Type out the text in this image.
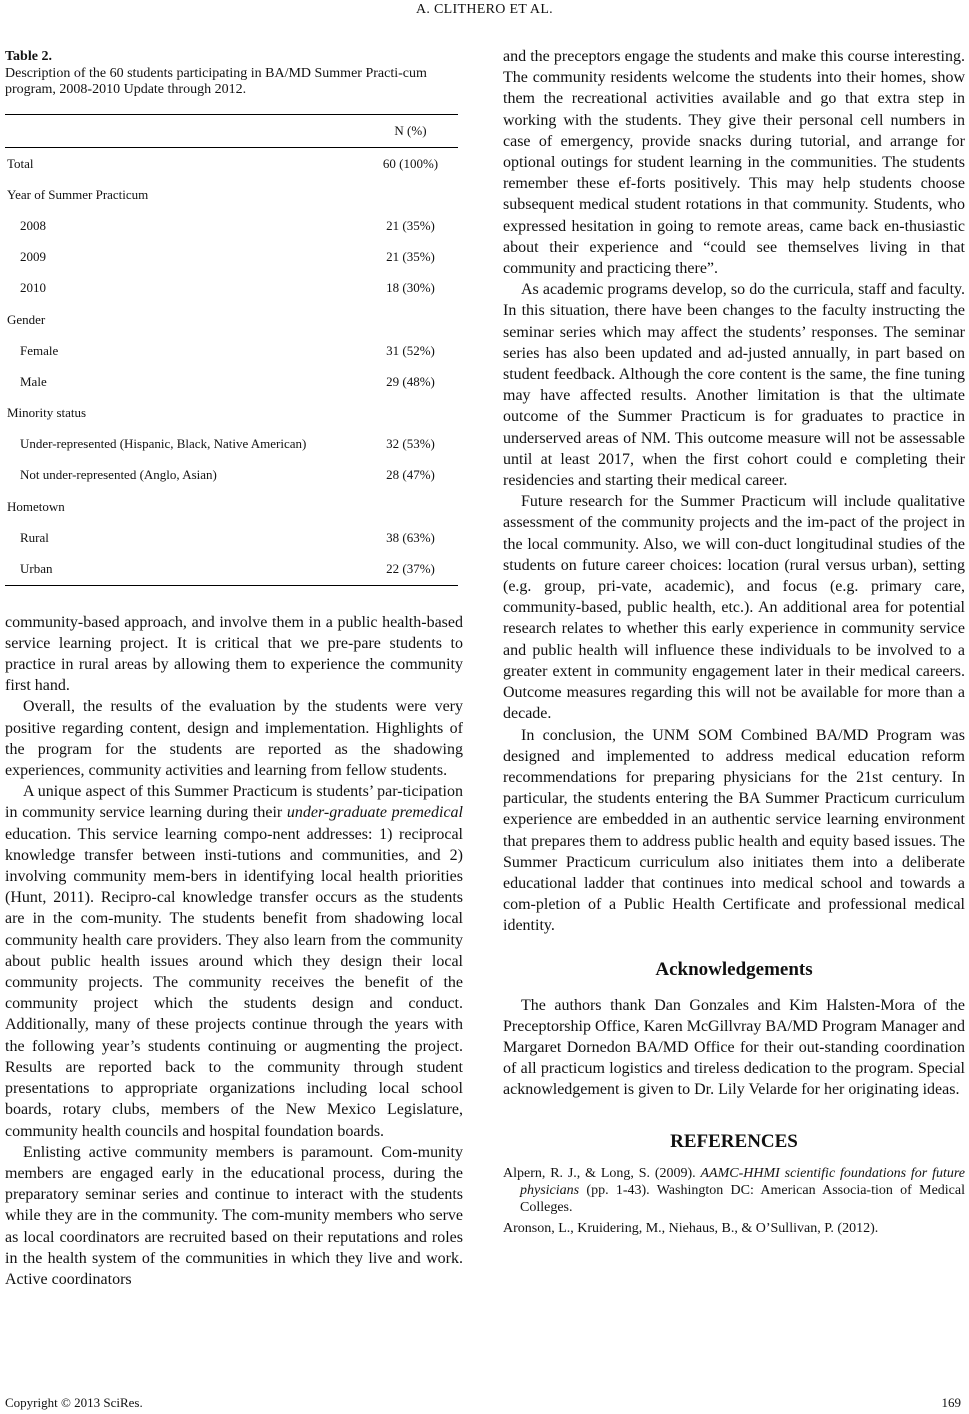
A. CLITHERO ET AL.

Table 2.

Description of the 60 students participating in BA/MD Summer Practi-cum program, 2008-2010 Update through 2012.

	N (%)
Total	60 (100%)
Year of Summer Practicum	
2008	21 (35%)
2009	21 (35%)
2010	18 (30%)
Gender	
Female	31 (52%)
Male	29 (48%)
Minority status	
Under-represented (Hispanic, Black, Native American)	32 (53%)
Not under-represented (Anglo, Asian)	28 (47%)
Hometown	
Rural	38 (63%)
Urban	22 (37%)

community-based approach, and involve them in a public health-based service learning project. It is critical that we pre-pare students to practice in rural areas by allowing them to experience the community first hand.

Overall, the results of the evaluation by the students were very positive regarding content, design and implementation. Highlights of the program for the students are reported as the shadowing experiences, community activities and learning from fellow students.

A unique aspect of this Summer Practicum is students’ par-ticipation in community service learning during their under-graduate premedical education. This service learning compo-nent addresses: 1) reciprocal knowledge transfer between insti-tutions and communities, and 2) involving community mem-bers in identifying local health priorities (Hunt, 2011). Recipro-cal knowledge transfer occurs as the students are in the com-munity. The students benefit from shadowing local community health care providers. They also learn from the community about public health issues around which they design their local community projects. The community receives the benefit of the community project which the students design and conduct. Additionally, many of these projects continue through the years with the following year’s students continuing or augmenting the project. Results are reported back to the community through student presentations to appropriate organizations including local school boards, rotary clubs, members of the New Mexico Legislature, community health councils and hospital foundation boards.

Enlisting active community members is paramount. Com-munity members are engaged early in the educational process, during the preparatory seminar series and continue to interact with the students while they are in the community. The com-munity members who serve as local coordinators are recruited based on their reputations and roles in the health system of the communities in which they live and work. Active coordinators

and the preceptors engage the students and make this course interesting. The community residents welcome the students into their homes, show them the recreational activities available and go that extra step in working with the students. They give their personal cell numbers in case of emergency, provide snacks during tutorial, and arrange for optional outings for student learning in the communities. The students remember these ef-forts positively. This may help students choose subsequent medical student rotations in that community. Students, who expressed hesitation in going to remote areas, came back en-thusiastic about their experience and “could see themselves living in that community and practicing there”.

As academic programs develop, so do the curricula, staff and faculty. In this situation, there have been changes to the faculty instructing the seminar series which may affect the students’ responses. The seminar series has also been updated and ad-justed annually, in part based on student feedback. Although the core content is the same, the fine tuning may have affected results. Another limitation is that the ultimate outcome of the Summer Practicum is for graduates to practice in underserved areas of NM. This outcome measure will not be assessable until at least 2017, when the first cohort could e completing their residencies and starting their medical career.

Future research for the Summer Practicum will include qualitative assessment of the community projects and the im-pact of the project in the local community. Also, we will con-duct longitudinal studies of the students on future career choices: location (rural versus urban), setting (e.g. group, pri-vate, academic), and focus (e.g. primary care, community-based, public health, etc.). An additional area for potential research relates to whether this early experience in community service and public health will influence these individuals to be involved to a greater extent in community engagement later in their medical careers. Outcome measures regarding this will not be available for more than a decade.

In conclusion, the UNM SOM Combined BA/MD Program was designed and implemented to address medical education reform recommendations for preparing physicians for the 21st century. In particular, the students entering the BA Summer Practicum curriculum experience are embedded in an authentic service learning environment that prepares them to address public health and equity based issues. The Summer Practicum curriculum also initiates them into a deliberate educational ladder that continues into medical school and towards a com-pletion of a Public Health Certificate and professional medical identity.

Acknowledgements

The authors thank Dan Gonzales and Kim Halsten-Mora of the Preceptorship Office, Karen McGillvray BA/MD Program Manager and Margaret Dornedon BA/MD Office for their out-standing coordination of all practicum logistics and tireless dedication to the program. Special acknowledgement is given to Dr. Lily Velarde for her originating ideas.

REFERENCES

Alpern, R. J., & Long, S. (2009). AAMC-HHMI scientific foundations for future physicians (pp. 1-43). Washington DC: American Associa-tion of Medical Colleges.

Aronson, L., Kruidering, M., Niehaus, B., & O’Sullivan, P. (2012).

Copyright © 2013 SciRes.	169
